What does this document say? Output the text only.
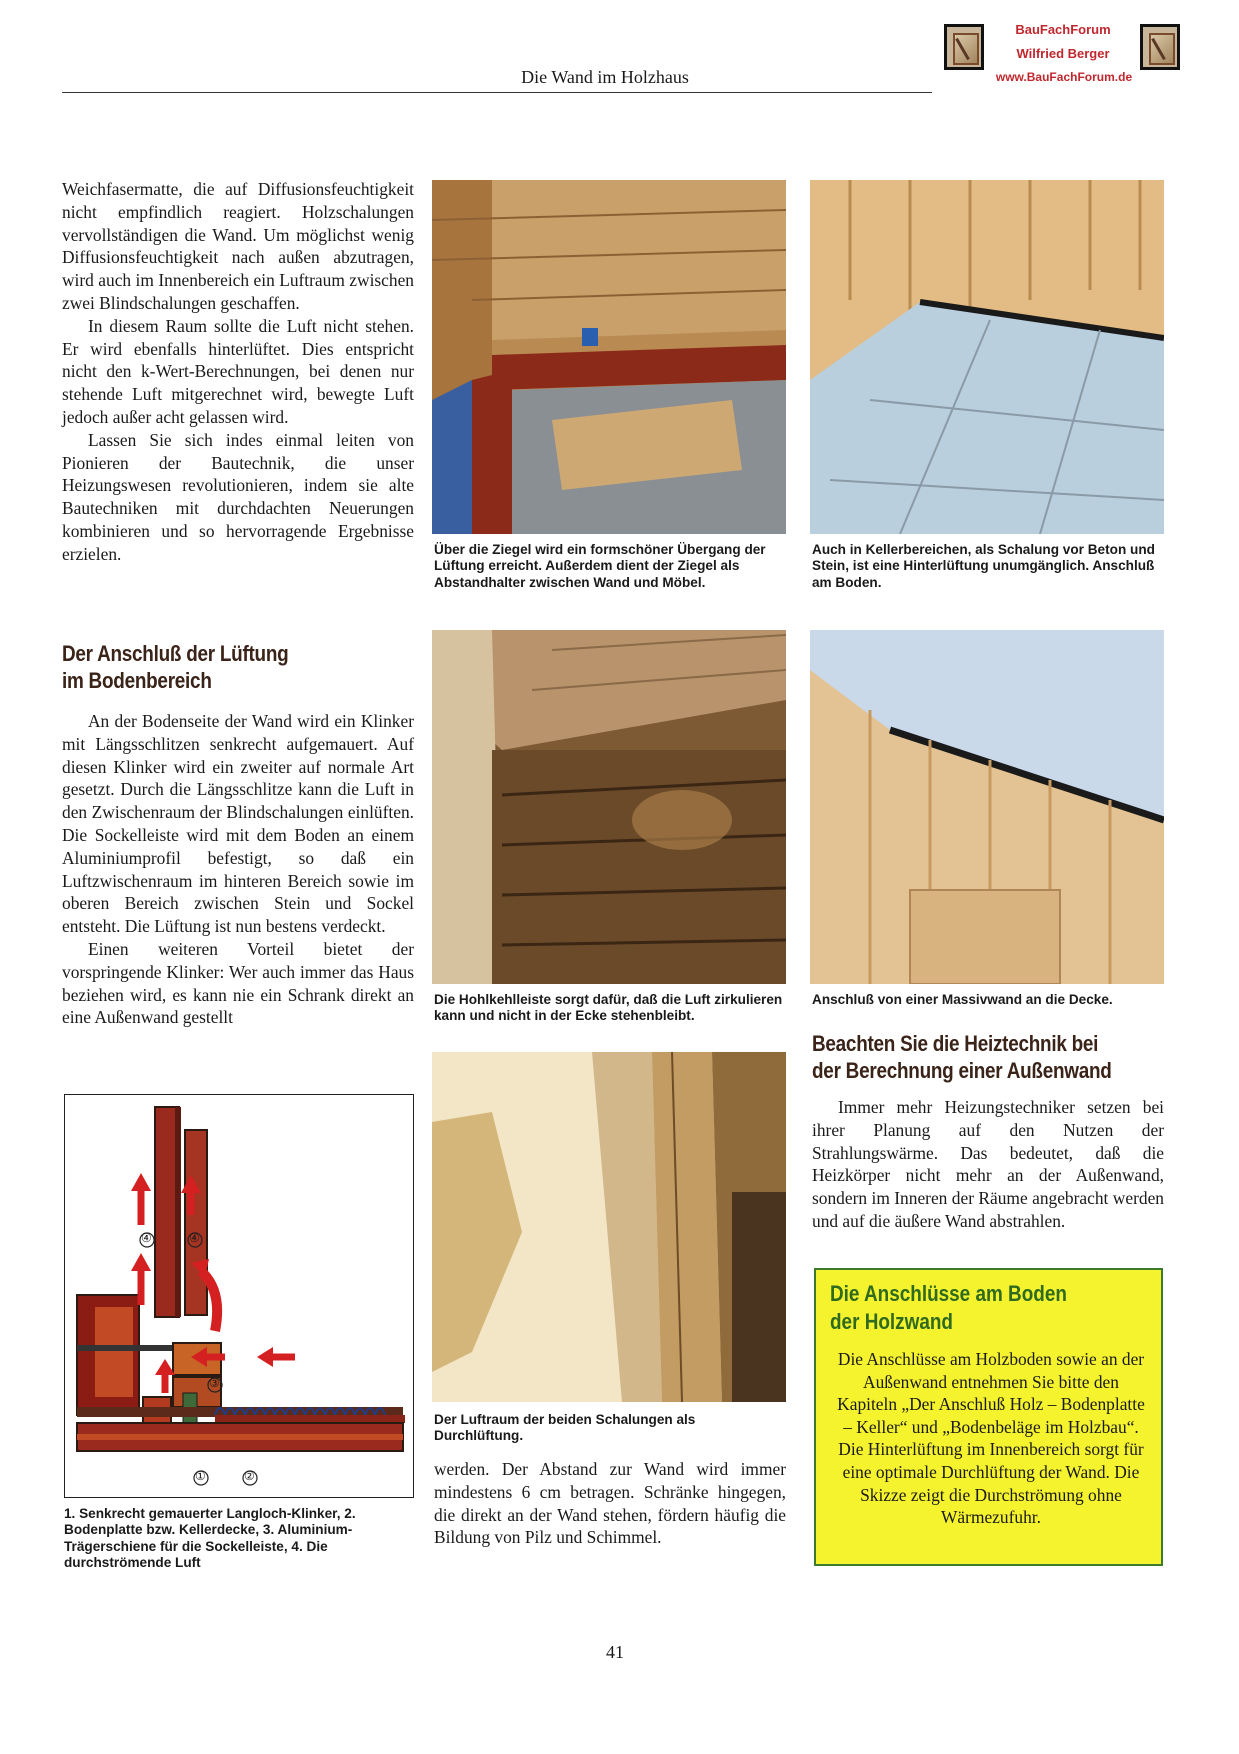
Die Wand im Holzhaus
BauFachForum
Wilfried Berger
www.BauFachForum.de

Weichfasermatte, die auf Diffusionsfeuchtigkeit nicht empfindlich reagiert. Holzschalungen vervollständigen die Wand. Um möglichst wenig Diffusionsfeuchtigkeit nach außen abzutragen, wird auch im Innenbereich ein Luftraum zwischen zwei Blindschalungen geschaffen.

In diesem Raum sollte die Luft nicht stehen. Er wird ebenfalls hinterlüftet. Dies entspricht nicht den k-Wert-Berechnungen, bei denen nur stehende Luft mitgerechnet wird, bewegte Luft jedoch außer acht gelassen wird.

Lassen Sie sich indes einmal leiten von Pionieren der Bautechnik, die unser Heizungswesen revolutionieren, indem sie alte Bautechniken mit durchdachten Neuerungen kombinieren und so hervorragende Ergebnisse erzielen.

Der Anschluß der Lüftung
im Bodenbereich

An der Bodenseite der Wand wird ein Klinker mit Längsschlitzen senkrecht aufgemauert. Auf diesen Klinker wird ein zweiter auf normale Art gesetzt. Durch die Längsschlitze kann die Luft in den Zwischenraum der Blindschalungen einlüften. Die Sockelleiste wird mit dem Boden an einem Aluminiumprofil befestigt, so daß ein Luftzwischenraum im hinteren Bereich sowie im oberen Bereich zwischen Stein und Sockel entsteht. Die Lüftung ist nun bestens verdeckt.

Einen weiteren Vorteil bietet der vorspringende Klinker: Wer auch immer das Haus beziehen wird, es kann nie ein Schrank direkt an eine Außenwand gestellt

④	④
③
①	②
1. Senkrecht gemauerter Langloch-Klinker, 2. Bodenplatte bzw. Kellerdecke, 3. Aluminium-Trägerschiene für die Sockelleiste, 4. Die durchströmende Luft
Über die Ziegel wird ein formschöner Übergang der Lüftung erreicht. Außerdem dient der Ziegel als Abstandhalter zwischen Wand und Möbel.
Die Hohlkehlleiste sorgt dafür, daß die Luft zirkulieren kann und nicht in der Ecke stehenbleibt.
Der Luftraum der beiden Schalungen als Durchlüftung.

werden. Der Abstand zur Wand wird immer mindestens 6 cm betragen. Schränke hingegen, die direkt an der Wand stehen, fördern häufig die Bildung von Pilz und Schimmel.

Auch in Kellerbereichen, als Schalung vor Beton und Stein, ist eine Hinterlüftung unumgänglich. Anschluß am Boden.
Anschluß von einer Massivwand an die Decke.
Beachten Sie die Heiztechnik bei
der Berechnung einer Außenwand

Immer mehr Heizungstechniker setzen bei ihrer Planung auf den Nutzen der Strahlungswärme. Das bedeutet, daß die Heizkörper nicht mehr an der Außenwand, sondern im Inneren der Räume angebracht werden und auf die äußere Wand abstrahlen.

Die Anschlüsse am Boden
der Holzwand

Die Anschlüsse am Holzboden sowie an der Außenwand entnehmen Sie bitte den Kapiteln „Der Anschluß Holz – Bodenplatte – Keller“ und „Bodenbeläge im Holzbau“.

Die Hinterlüftung im Innenbereich sorgt für eine optimale Durchlüftung der Wand. Die Skizze zeigt die Durchströmung ohne Wärmezufuhr.

41
